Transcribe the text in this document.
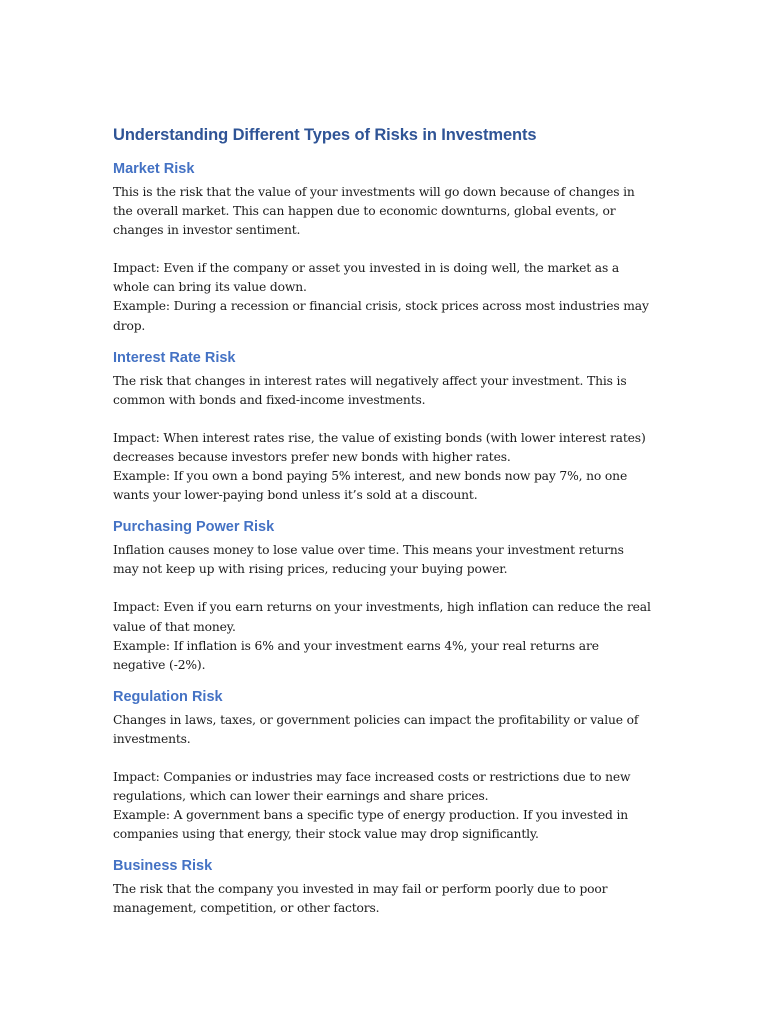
Understanding Different Types of Risks in Investments
Market Risk

This is the risk that the value of your investments will go down because of changes in the overall market. This can happen due to economic downturns, global events, or changes in investor sentiment.

Impact: Even if the company or asset you invested in is doing well, the market as a whole can bring its value down.

Example: During a recession or financial crisis, stock prices across most industries may drop.

Interest Rate Risk

The risk that changes in interest rates will negatively affect your investment. This is common with bonds and fixed-income investments.

Impact: When interest rates rise, the value of existing bonds (with lower interest rates) decreases because investors prefer new bonds with higher rates.

Example: If you own a bond paying 5% interest, and new bonds now pay 7%, no one wants your lower-paying bond unless it’s sold at a discount.

Purchasing Power Risk

Inflation causes money to lose value over time. This means your investment returns may not keep up with rising prices, reducing your buying power.

Impact: Even if you earn returns on your investments, high inflation can reduce the real value of that money.

Example: If inflation is 6% and your investment earns 4%, your real returns are negative (-2%).

Regulation Risk

Changes in laws, taxes, or government policies can impact the profitability or value of investments.

Impact: Companies or industries may face increased costs or restrictions due to new regulations, which can lower their earnings and share prices.

Example: A government bans a specific type of energy production. If you invested in companies using that energy, their stock value may drop significantly.

Business Risk

The risk that the company you invested in may fail or perform poorly due to poor management, competition, or other factors.
